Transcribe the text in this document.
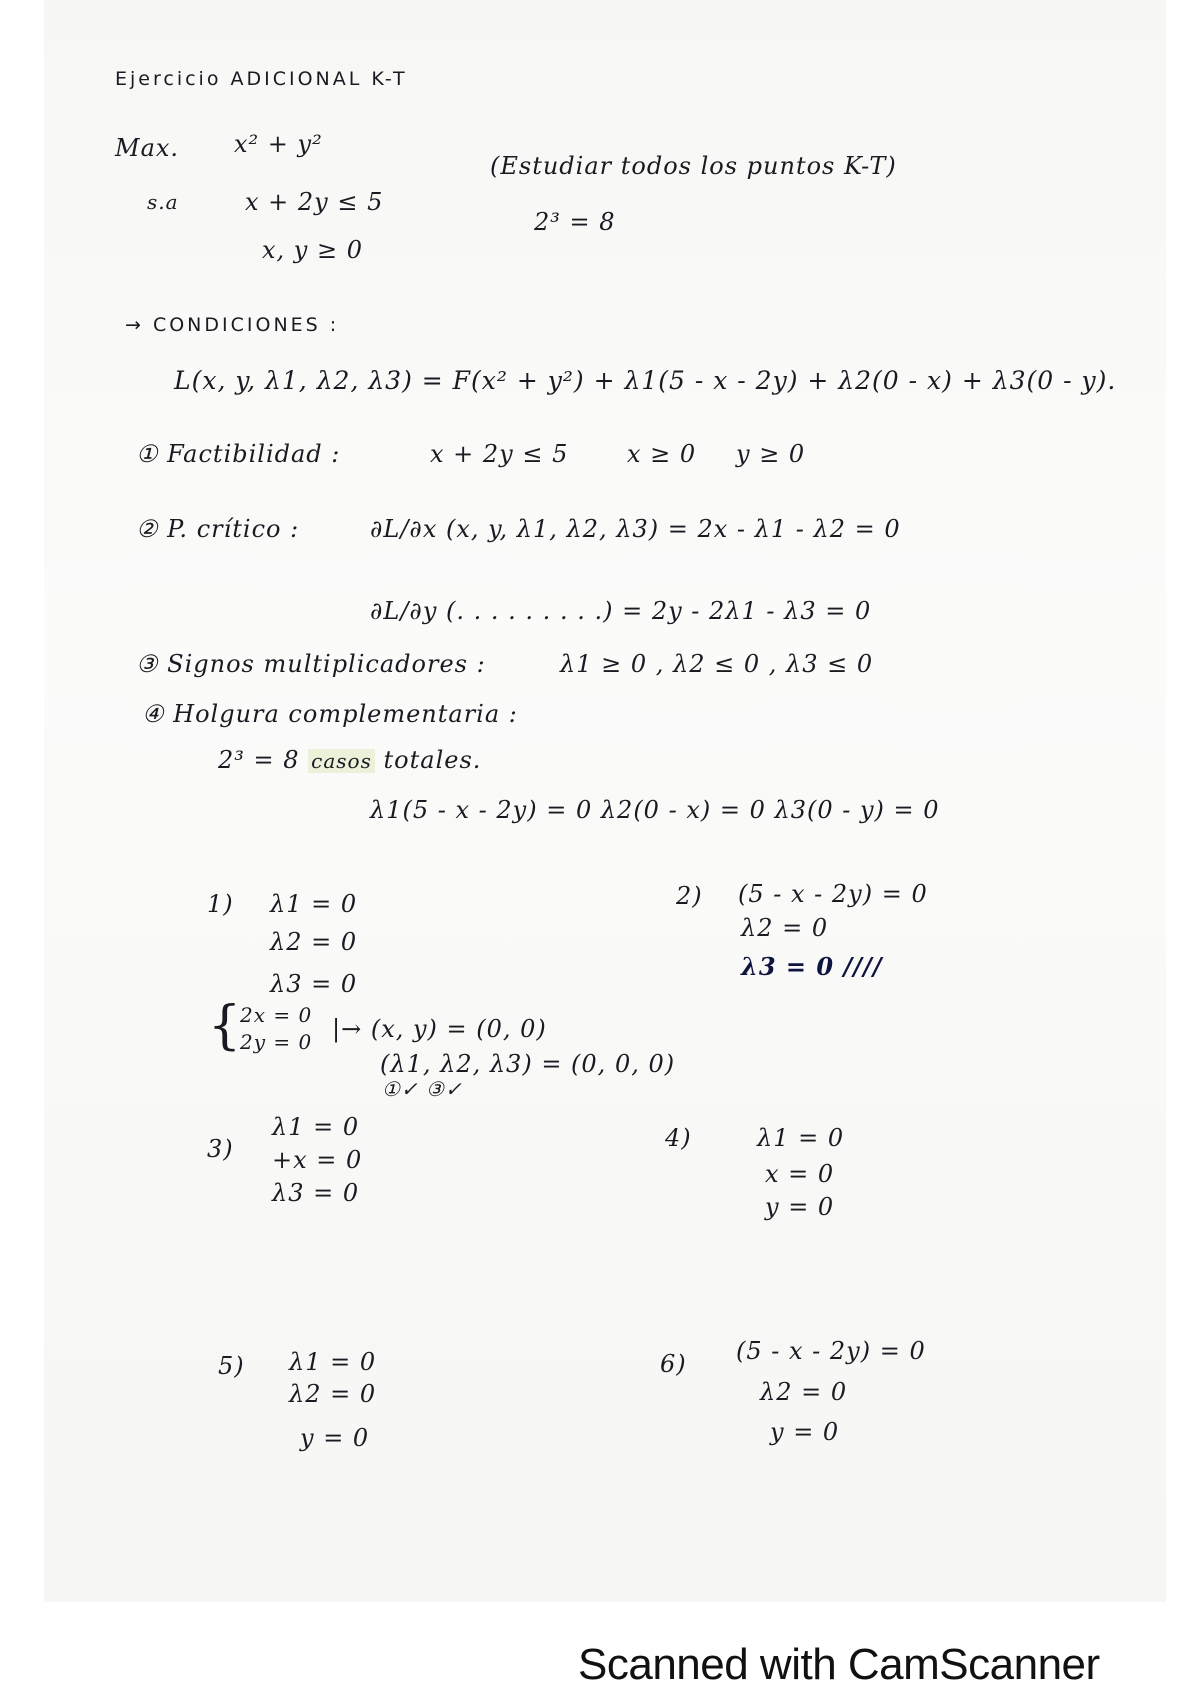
Ejercicio ADICIONAL K-T
Max. x² + y²
(Estudiar todos los puntos K-T)
s.a	x + 2y ≤ 5
2³ = 8
x, y ≥ 0
→ CONDICIONES :
L(x, y, λ1, λ2, λ3) = F(x² + y²) + λ1(5 - x - 2y) + λ2(0 - x) + λ3(0 - y).
① Factibilidad :	x + 2y ≤ 5 x ≥ 0 y ≥ 0
② P. crítico :	∂L/∂x (x, y, λ1, λ2, λ3) = 2x - λ1 - λ2 = 0
∂L/∂y (. . . . . . . . .) = 2y - 2λ1 - λ3 = 0
③ Signos multiplicadores :	λ1 ≥ 0 , λ2 ≤ 0 , λ3 ≤ 0
④ Holgura complementaria :
2³ = 8 casos totales.
λ1(5 - x - 2y) = 0 λ2(0 - x) = 0 λ3(0 - y) = 0
1) λ1 = 0
λ2 = 0
λ3 = 0
{
2x = 0
2y = 0 |→ (x, y) = (0, 0)
(λ1, λ2, λ3) = (0, 0, 0)
①✓ ③✓
2) (5 - x - 2y) = 0
λ2 = 0
λ3 = 0 ////
3)
λ1 = 0
+x = 0
λ3 = 0
4)	λ1 = 0
x = 0
y = 0
5) λ1 = 0
λ2 = 0
y = 0
6) (5 - x - 2y) = 0
λ2 = 0
y = 0
Scanned with CamScanner
